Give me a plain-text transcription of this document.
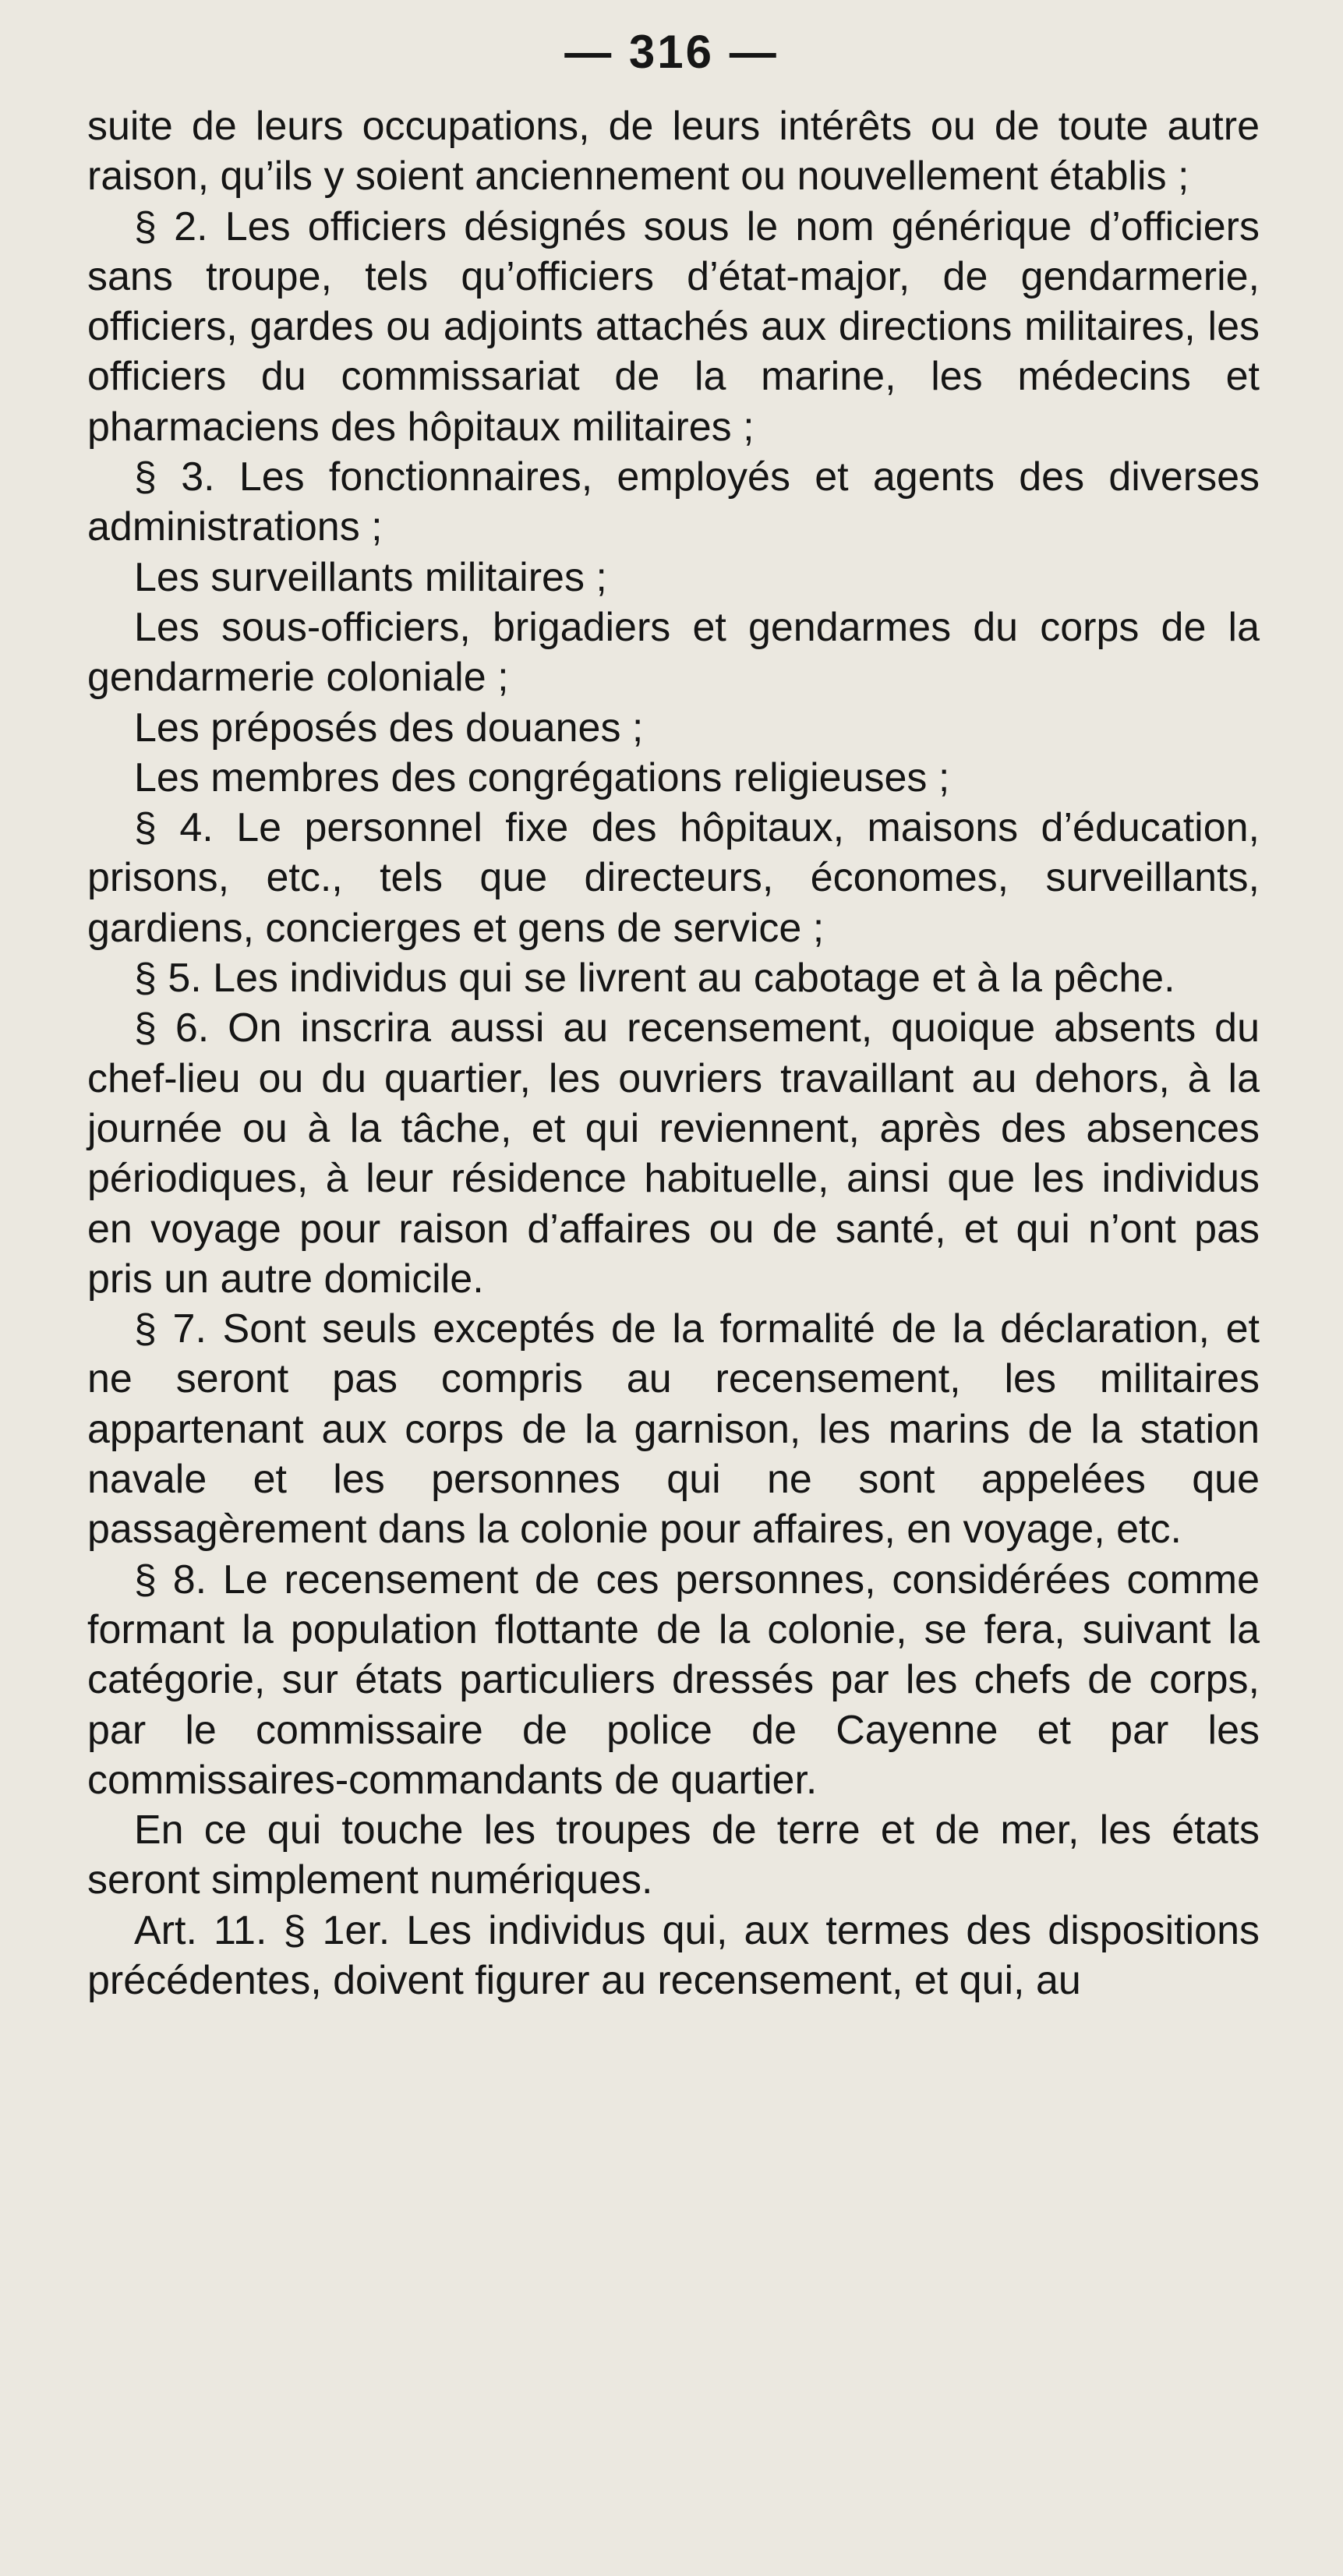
— 316 —

suite de leurs occupations, de leurs intérêts ou de toute autre raison, qu’ils y soient anciennement ou nouvellement établis ;

§ 2. Les officiers désignés sous le nom générique d’officiers sans troupe, tels qu’officiers d’état-major, de gendarmerie, officiers, gardes ou adjoints attachés aux directions militaires, les officiers du commissariat de la marine, les médecins et pharmaciens des hôpitaux militaires ;

§ 3. Les fonctionnaires, employés et agents des diverses administrations ;

Les surveillants militaires ;

Les sous-officiers, brigadiers et gendarmes du corps de la gendarmerie coloniale ;

Les préposés des douanes ;

Les membres des congrégations religieuses ;

§ 4. Le personnel fixe des hôpitaux, maisons d’éducation, prisons, etc., tels que directeurs, économes, surveillants, gardiens, concierges et gens de service ;

§ 5. Les individus qui se livrent au cabotage et à la pêche.

§ 6. On inscrira aussi au recensement, quoique absents du chef-lieu ou du quartier, les ouvriers travaillant au dehors, à la journée ou à la tâche, et qui reviennent, après des absences périodiques, à leur résidence habituelle, ainsi que les individus en voyage pour raison d’affaires ou de santé, et qui n’ont pas pris un autre domicile.

§ 7. Sont seuls exceptés de la formalité de la déclaration, et ne seront pas compris au recensement, les militaires appartenant aux corps de la garnison, les marins de la station navale et les personnes qui ne sont appelées que passagèrement dans la colonie pour affaires, en voyage, etc.

§ 8. Le recensement de ces personnes, considérées comme formant la population flottante de la colonie, se fera, suivant la catégorie, sur états particuliers dressés par les chefs de corps, par le commissaire de police de Cayenne et par les commissaires-commandants de quartier.

En ce qui touche les troupes de terre et de mer, les états seront simplement numériques.

Art. 11. § 1er. Les individus qui, aux termes des dispositions précédentes, doivent figurer au recensement, et qui, au
